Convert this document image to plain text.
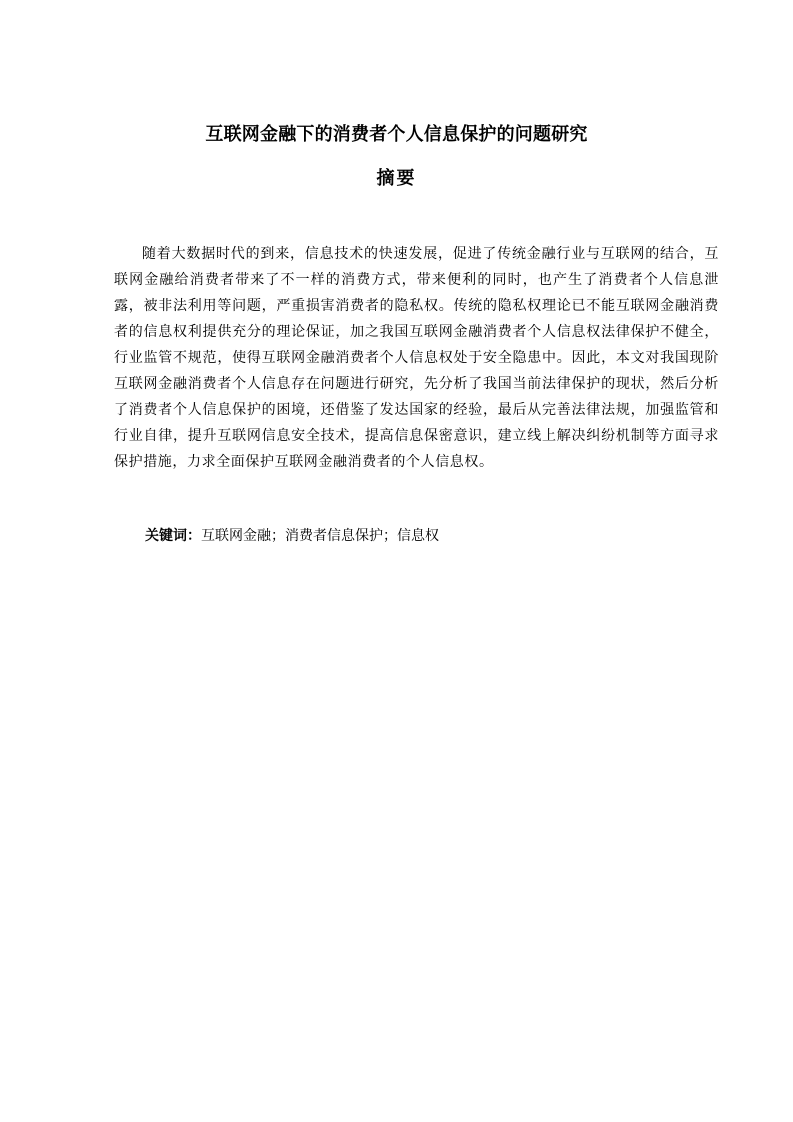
互联网金融下的消费者个人信息保护的问题研究
摘要

随着大数据时代的到来，信息技术的快速发展，促进了传统金融行业与互联网的结合，互联网金融给消费者带来了不一样的消费方式，带来便利的同时，也产生了消费者个人信息泄露，被非法利用等问题，严重损害消费者的隐私权。传统的隐私权理论已不能互联网金融消费者的信息权利提供充分的理论保证，加之我国互联网金融消费者个人信息权法律保护不健全，行业监管不规范，使得互联网金融消费者个人信息权处于安全隐患中。因此，本文对我国现阶互联网金融消费者个人信息存在问题进行研究，先分析了我国当前法律保护的现状，然后分析了消费者个人信息保护的困境，还借鉴了发达国家的经验，最后从完善法律法规，加强监管和行业自律，提升互联网信息安全技术，提高信息保密意识，建立线上解决纠纷机制等方面寻求保护措施，力求全面保护互联网金融消费者的个人信息权。

关键词：互联网金融；消费者信息保护；信息权
